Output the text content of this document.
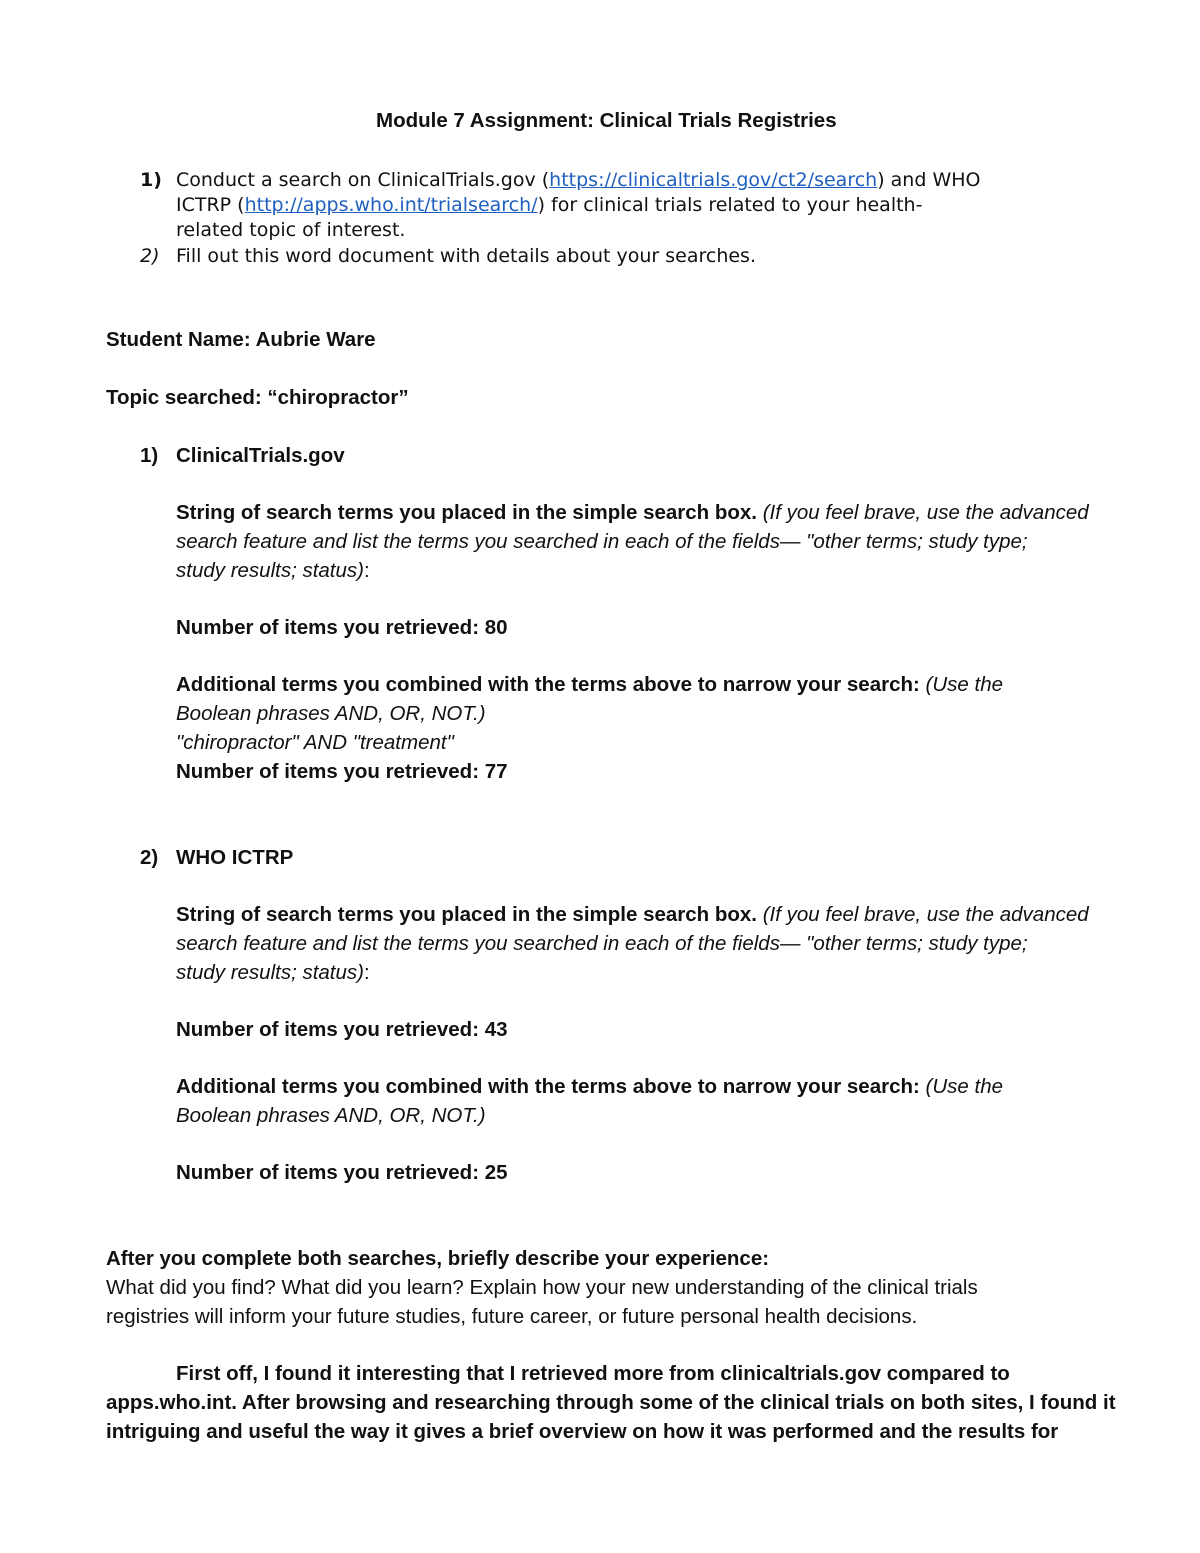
Module 7 Assignment: Clinical Trials Registries
1) Conduct a search on ClinicalTrials.gov (https://clinicaltrials.gov/ct2/search) and WHO
ICTRP (http://apps.who.int/trialsearch/) for clinical trials related to your health-
related topic of interest.
2) Fill out this word document with details about your searches.
Student Name: Aubrie Ware
Topic searched: “chiropractor”
1) ClinicalTrials.gov
String of search terms you placed in the simple search box. (If you feel brave, use the advanced
search feature and list the terms you searched in each of the fields— "other terms; study type;
study results; status):
Number of items you retrieved: 80
Additional terms you combined with the terms above to narrow your search: (Use the
Boolean phrases AND, OR, NOT.)
"chiropractor" AND "treatment"
Number of items you retrieved: 77
2) WHO ICTRP
String of search terms you placed in the simple search box. (If you feel brave, use the advanced
search feature and list the terms you searched in each of the fields— "other terms; study type;
study results; status):
Number of items you retrieved: 43
Additional terms you combined with the terms above to narrow your search: (Use the
Boolean phrases AND, OR, NOT.)
Number of items you retrieved: 25
After you complete both searches, briefly describe your experience:
What did you find? What did you learn? Explain how your new understanding of the clinical trials
registries will inform your future studies, future career, or future personal health decisions.
First off, I found it interesting that I retrieved more from clinicaltrials.gov compared to
apps.who.int. After browsing and researching through some of the clinical trials on both sites, I found it
intriguing and useful the way it gives a brief overview on how it was performed and the results for
